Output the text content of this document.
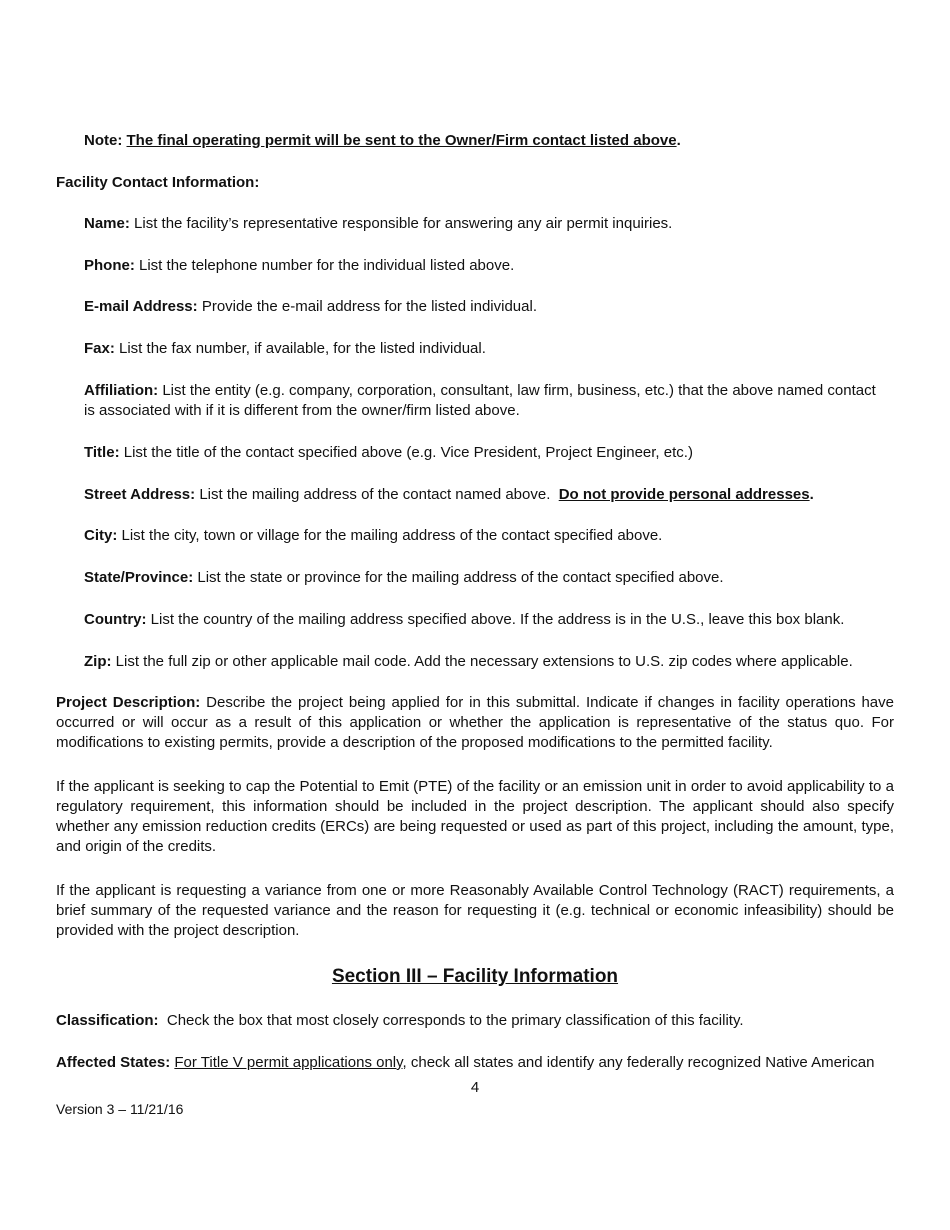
Note: The final operating permit will be sent to the Owner/Firm contact listed above.
Facility Contact Information:
Name: List the facility’s representative responsible for answering any air permit inquiries.
Phone: List the telephone number for the individual listed above.
E-mail Address: Provide the e-mail address for the listed individual.
Fax: List the fax number, if available, for the listed individual.
Affiliation: List the entity (e.g. company, corporation, consultant, law firm, business, etc.) that the above named contact is associated with if it is different from the owner/firm listed above.
Title: List the title of the contact specified above (e.g. Vice President, Project Engineer, etc.)
Street Address: List the mailing address of the contact named above.  Do not provide personal addresses.
City: List the city, town or village for the mailing address of the contact specified above.
State/Province: List the state or province for the mailing address of the contact specified above.
Country: List the country of the mailing address specified above. If the address is in the U.S., leave this box blank.
Zip: List the full zip or other applicable mail code. Add the necessary extensions to U.S. zip codes where applicable.
Project Description: Describe the project being applied for in this submittal. Indicate if changes in facility operations have occurred or will occur as a result of this application or whether the application is representative of the status quo. For modifications to existing permits, provide a description of the proposed modifications to the permitted facility.
If the applicant is seeking to cap the Potential to Emit (PTE) of the facility or an emission unit in order to avoid applicability to a regulatory requirement, this information should be included in the project description. The applicant should also specify whether any emission reduction credits (ERCs) are being requested or used as part of this project, including the amount, type, and origin of the credits.
If the applicant is requesting a variance from one or more Reasonably Available Control Technology (RACT) requirements, a brief summary of the requested variance and the reason for requesting it (e.g. technical or economic infeasibility) should be provided with the project description.
Section III – Facility Information
Classification:  Check the box that most closely corresponds to the primary classification of this facility.
Affected States: For Title V permit applications only, check all states and identify any federally recognized Native American
4
Version 3 – 11/21/16
